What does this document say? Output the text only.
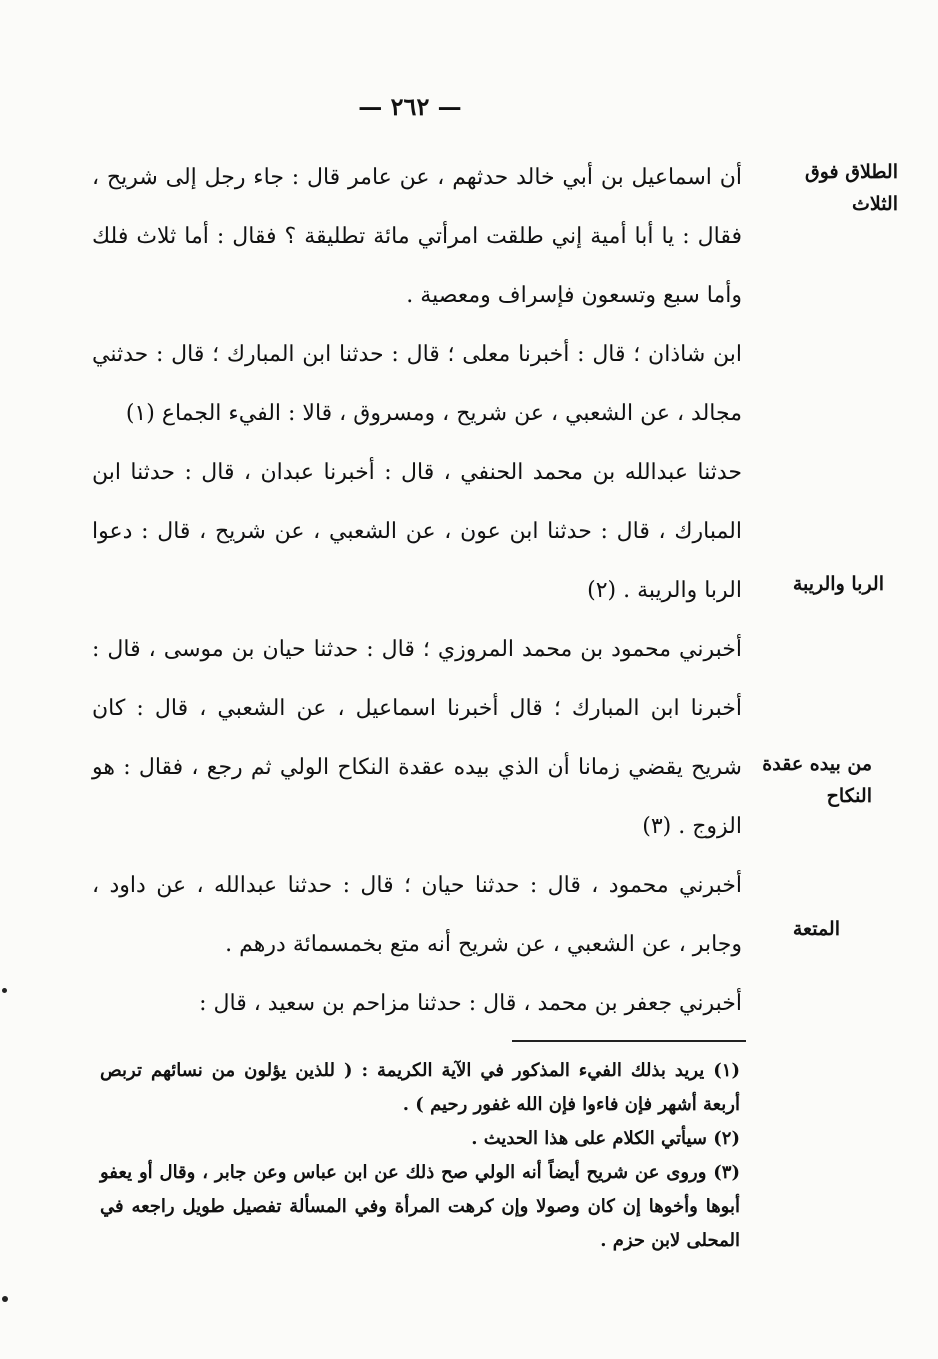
— ٢٦٢ —
الطلاق فوق الثلاث
الربا والريبة
من بيده عقدة النكاح
المتعة

أن اسماعيل بن أبي خالد حدثهم ، عن عامر قال : جاء رجل إلى شريح ، فقال : يا أبا أمية إني طلقت امرأتي مائة تطليقة ؟ فقال : أما ثلاث فلك وأما سبع وتسعون فإسراف ومعصية .

ابن شاذان ؛ قال : أخبرنا معلى ؛ قال : حدثنا ابن المبارك ؛ قال : حدثني مجالد ، عن الشعبي ، عن شريح ، ومسروق ، قالا : الفيء الجماع (١)

حدثنا عبدالله بن محمد الحنفي ، قال : أخبرنا عبدان ، قال : حدثنا ابن المبارك ، قال : حدثنا ابن عون ، عن الشعبي ، عن شريح ، قال : دعوا الربا والريبة . (٢)

أخبرني محمود بن محمد المروزي ؛ قال : حدثنا حيان بن موسى ، قال : أخبرنا ابن المبارك ؛ قال أخبرنا اسماعيل ، عن الشعبي ، قال : كان شريح يقضي زمانا أن الذي بيده عقدة النكاح الولي ثم رجع ، فقال : هو الزوج . (٣)

أخبرني محمود ، قال : حدثنا حيان ؛ قال : حدثنا عبدالله ، عن داود ، وجابر ، عن الشعبي ، عن شريح أنه متع بخمسمائة درهم .

أخبرني جعفر بن محمد ، قال : حدثنا مزاحم بن سعيد ، قال :

(١) يريد بذلك الفيء المذكور في الآية الكريمة : ( للذين يؤلون من نسائهم تربص أربعة أشهر فإن فاءوا فإن الله غفور رحيم ) .

(٢) سيأتي الكلام على هذا الحديث .

(٣) وروى عن شريح أيضاً أنه الولي صح ذلك عن ابن عباس وعن جابر ، وقال أو يعفو أبوها وأخوها إن كان وصولا وإن كرهت المرأة وفي المسألة تفصيل طويل راجعه في المحلى لابن حزم .
